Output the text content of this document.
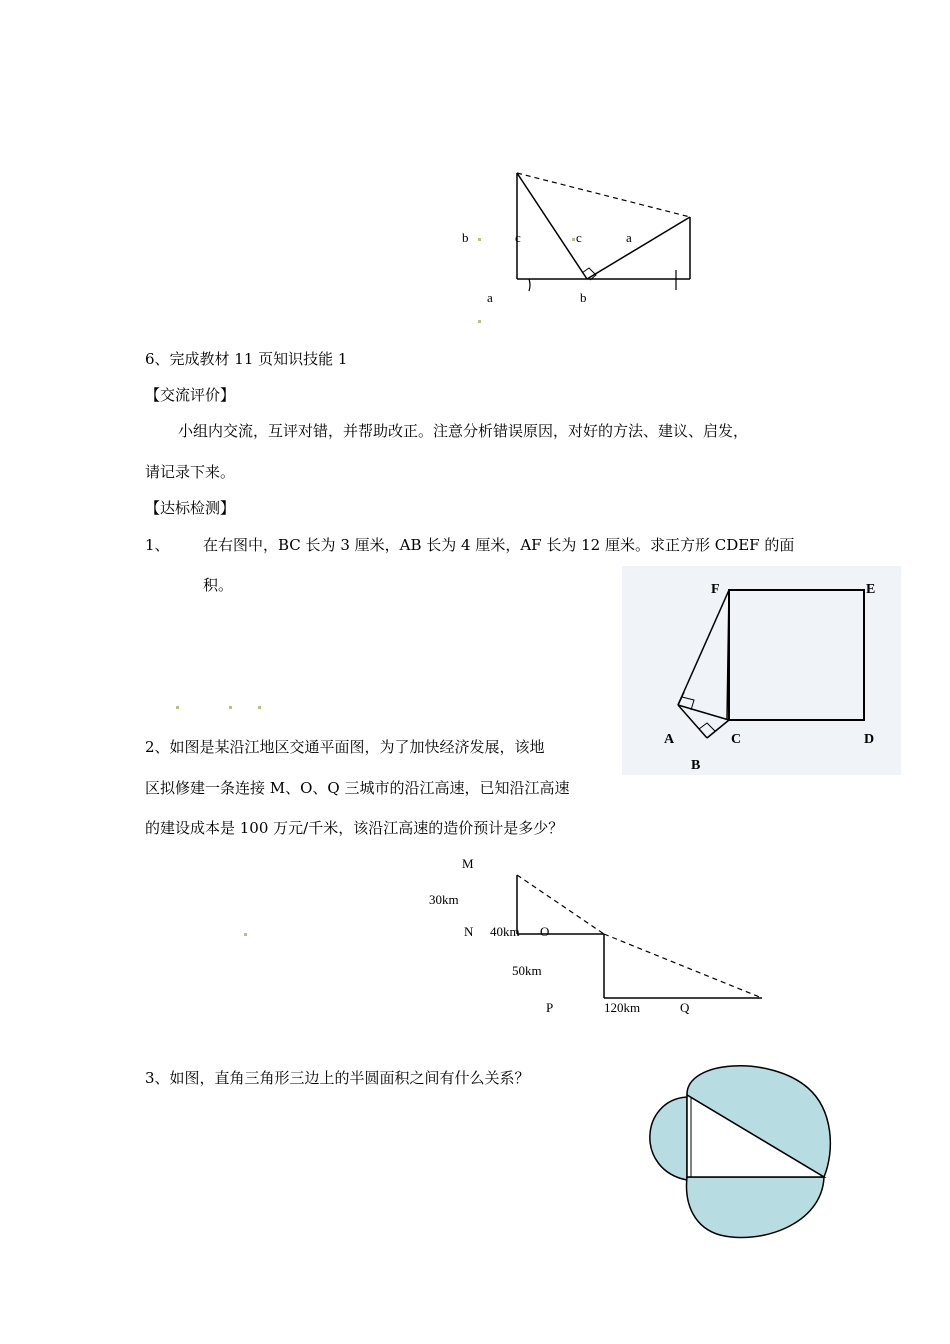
b	c	c	a
a	b
6、完成教材 11 页知识技能 1
【交流评价】
小组内交流，互评对错，并帮助改正。注意分析错误原因，对好的方法、建议、启发，
请记录下来。
【达标检测】
1、 在右图中，BC 长为 3 厘米，AB 长为 4 厘米，AF 长为 12 厘米。求正方形 CDEF 的面
积。	F	E
A	C	D
B
2、如图是某沿江地区交通平面图，为了加快经济发展，该地
区拟修建一条连接 M、O、Q 三城市的沿江高速，已知沿江高速
的建设成本是 100 万元/千米，该沿江高速的造价预计是多少？
M
30km
N 40km O
50km
P	120km	Q
3、如图，直角三角形三边上的半圆面积之间有什么关系？
